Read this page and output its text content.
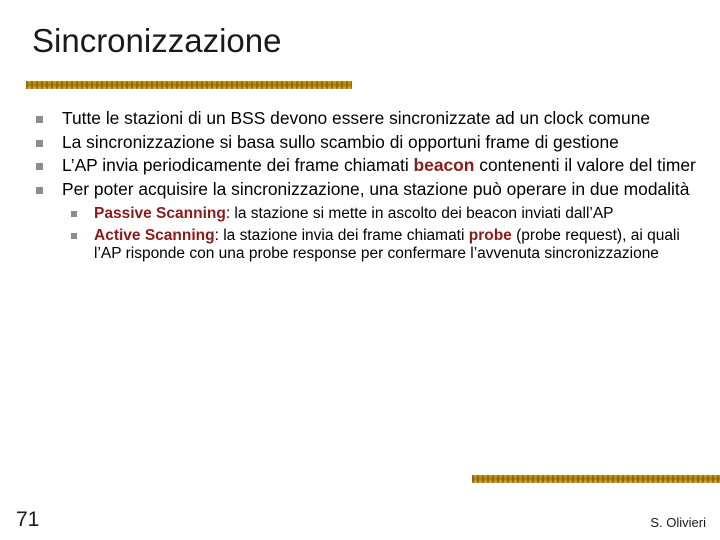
Sincronizzazione
Tutte le stazioni di un BSS devono essere sincronizzate ad un clock comune
La sincronizzazione si basa sullo scambio di opportuni frame di gestione
L’AP invia periodicamente dei frame chiamati beacon contenenti il valore del timer
Per poter acquisire la sincronizzazione, una stazione può operare in due modalità
Passive Scanning: la stazione si mette in ascolto dei beacon inviati dall’AP
Active Scanning: la stazione invia dei frame chiamati probe (probe request), ai quali l’AP risponde con una probe response per confermare l’avvenuta sincronizzazione
71	S. Olivieri
